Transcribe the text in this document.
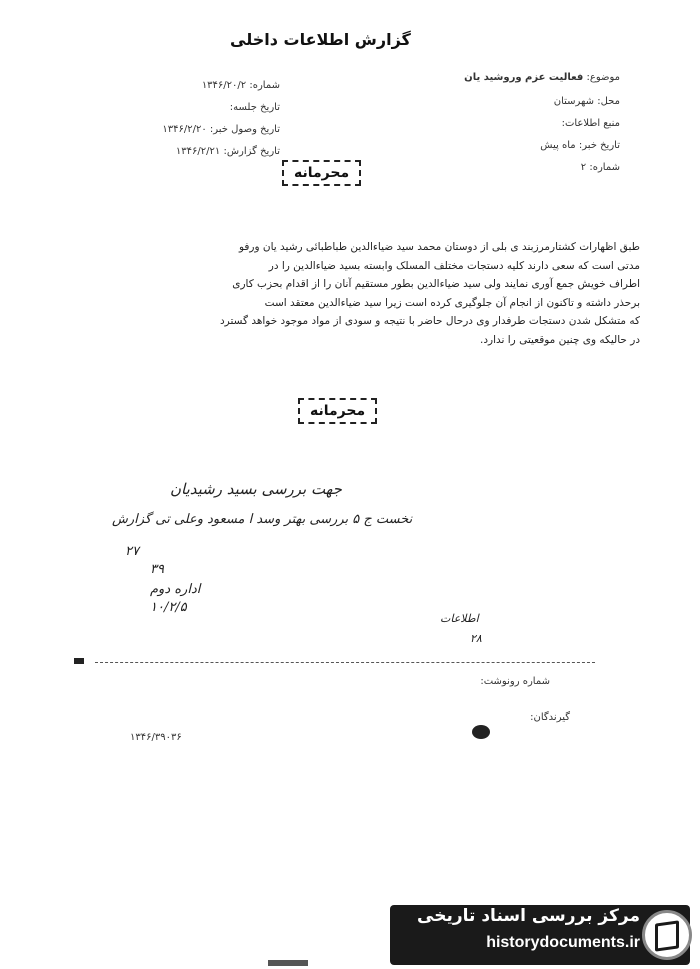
گزارش اطلاعات داخلی
موضوع: فعالیت عزم وروشید یان
محل: شهرستان
منبع اطلاعات:
تاریخ خبر: ماه پیش
شماره: ۲
شماره: ۱۳۴۶/۲۰/۲
تاریخ جلسه:
تاریخ وصول خبر: ۱۳۴۶/۲/۲۰
تاریخ گزارش: ۱۳۴۶/۲/۲۱
محرمانه

طبق اظهارات کشتارمرزبند ی بلی از دوستان محمد سید ضیاءالدین طباطبائی رشید یان ورفو

مدتی است که سعی دارند کلیه دستجات مختلف المسلک وابسته بسید ضیاءالدین را در

اطراف خویش جمع آوری نمایند ولی سید ضیاءالدین بطور مستقیم آنان را از اقدام بحزب کاری

برحذر داشته و تاکنون از انجام آن جلوگیری کرده است زیرا سید ضیاءالدین معتقد است

که متشکل شدن دستجات طرفدار وی درحال حاضر با نتیجه و سودی از مواد موجود خواهد گسترد

در حالیکه وی چنین موقعیتی را ندارد.

محرمانه
جهت بررسی بسید رشیدیان
نخست ج ۵ بررسی بهتر وسد ا مسعود وعلی تی گزارش
۲۷
۳۹
اداره دوم
۱۰/۲/۵
اطلاعات
۲۸
شماره رونوشت:
گیرندگان:
۱۳۴۶/۳۹۰۳۶
مرکز بررسی اسناد تاریخی
historydocuments.ir
